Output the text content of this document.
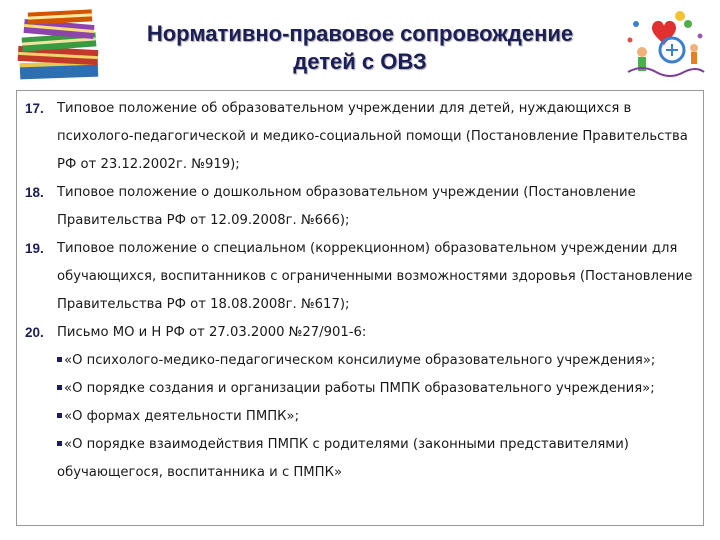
Нормативно-правовое сопровождение
детей с ОВЗ
17. Типовое положение об образовательном учреждении для детей, нуждающихся в
психолого-педагогической и медико-социальной помощи (Постановление Правительства
РФ от 23.12.2002г. №919);
18. Типовое положение о дошкольном образовательном учреждении (Постановление
Правительства РФ от 12.09.2008г. №666);
19. Типовое положение о специальном (коррекционном) образовательном учреждении для
обучающихся, воспитанников с ограниченными возможностями здоровья (Постановление
Правительства РФ от 18.08.2008г. №617);
20. Письмо МО и Н РФ от 27.03.2000 №27/901-6:
«О психолого-медико-педагогическом консилиуме образовательного учреждения»;
«О порядке создания и организации работы ПМПК образовательного учреждения»;
«О формах деятельности ПМПК»;
«О порядке взаимодействия ПМПК с родителями (законными представителями)
обучающегося, воспитанника и с ПМПК»
